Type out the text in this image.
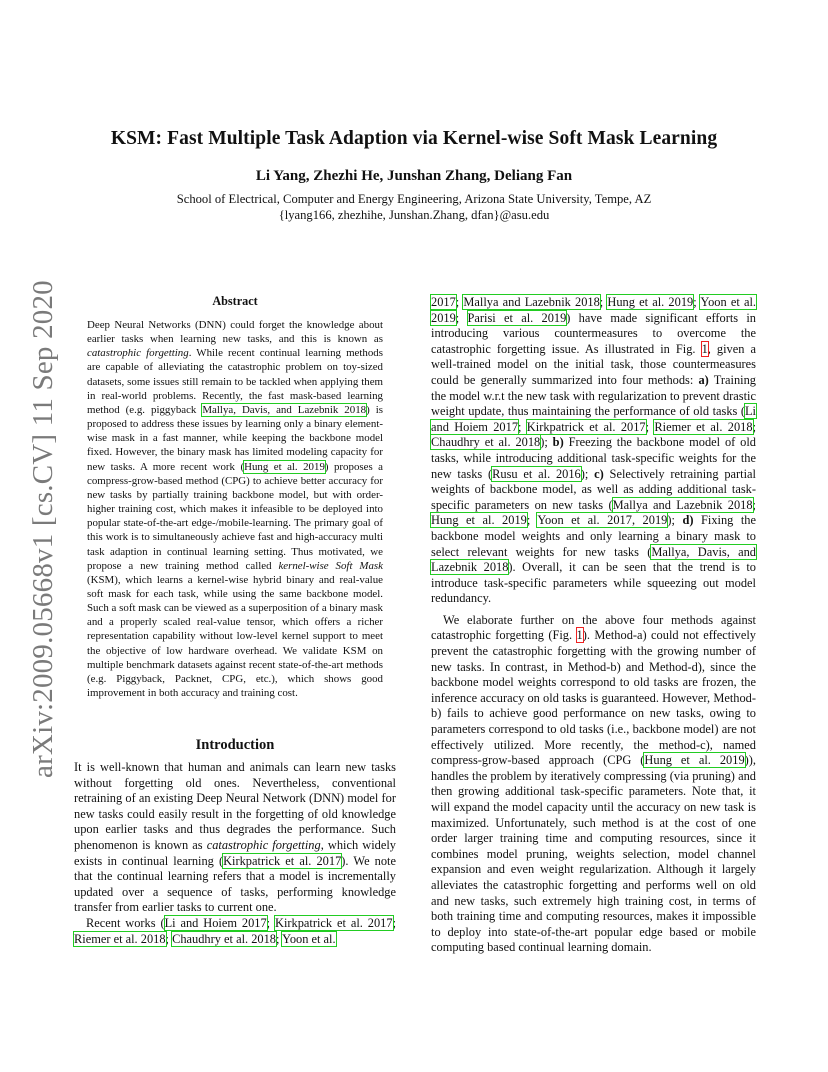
KSM: Fast Multiple Task Adaption via Kernel-wise Soft Mask Learning
Li Yang, Zhezhi He, Junshan Zhang, Deliang Fan
School of Electrical, Computer and Energy Engineering, Arizona State University, Tempe, AZ
{lyang166, zhezhihe, Junshan.Zhang, dfan}@asu.edu
arXiv:2009.05668v1 [cs.CV] 11 Sep 2020	Abstract
Deep Neural Networks (DNN) could forget the knowledge about earlier tasks when learning new tasks, and this is known as catastrophic forgetting. While recent continual learning methods are capable of alleviating the catastrophic problem on toy-sized datasets, some issues still remain to be tackled when applying them in real-world problems. Recently, the fast mask-based learning method (e.g. piggyback Mallya, Davis, and Lazebnik 2018) is proposed to address these issues by learning only a binary element-wise mask in a fast manner, while keeping the backbone model fixed. However, the binary mask has limited modeling capacity for new tasks. A more recent work (Hung et al. 2019) proposes a compress-grow-based method (CPG) to achieve better accuracy for new tasks by partially training backbone model, but with order-higher training cost, which makes it infeasible to be deployed into popular state-of-the-art edge-/mobile-learning. The primary goal of this work is to simultaneously achieve fast and high-accuracy multi task adaption in continual learning setting. Thus motivated, we propose a new training method called kernel-wise Soft Mask (KSM), which learns a kernel-wise hybrid binary and real-value soft mask for each task, while using the same backbone model. Such a soft mask can be viewed as a superposition of a binary mask and a properly scaled real-value tensor, which offers a richer representation capability without low-level kernel support to meet the objective of low hardware overhead. We validate KSM on multiple benchmark datasets against recent state-of-the-art methods (e.g. Piggyback, Packnet, CPG, etc.), which shows good improvement in both accuracy and training cost.
Introduction

It is well-known that human and animals can learn new tasks without forgetting old ones. Nevertheless, conventional retraining of an existing Deep Neural Network (DNN) model for new tasks could easily result in the forgetting of old knowledge upon earlier tasks and thus degrades the performance. Such phenomenon is known as catastrophic forgetting, which widely exists in continual learning (Kirkpatrick et al. 2017). We note that the continual learning refers that a model is incrementally updated over a sequence of tasks, performing knowledge transfer from earlier tasks to current one.

Recent works (Li and Hoiem 2017; Kirkpatrick et al. 2017; Riemer et al. 2018; Chaudhry et al. 2018; Yoon et al.

2017; Mallya and Lazebnik 2018; Hung et al. 2019; Yoon et al. 2019; Parisi et al. 2019) have made significant efforts in introducing various countermeasures to overcome the catastrophic forgetting issue. As illustrated in Fig. 1, given a well-trained model on the initial task, those countermeasures could be generally summarized into four methods: a) Training the model w.r.t the new task with regularization to prevent drastic weight update, thus maintaining the performance of old tasks (Li and Hoiem 2017; Kirkpatrick et al. 2017; Riemer et al. 2018; Chaudhry et al. 2018); b) Freezing the backbone model of old tasks, while introducing additional task-specific weights for the new tasks (Rusu et al. 2016); c) Selectively retraining partial weights of backbone model, as well as adding additional task-specific parameters on new tasks (Mallya and Lazebnik 2018; Hung et al. 2019; Yoon et al. 2017, 2019); d) Fixing the backbone model weights and only learning a binary mask to select relevant weights for new tasks (Mallya, Davis, and Lazebnik 2018). Overall, it can be seen that the trend is to introduce task-specific parameters while squeezing out model redundancy.

We elaborate further on the above four methods against catastrophic forgetting (Fig. 1). Method-a) could not effectively prevent the catastrophic forgetting with the growing number of new tasks. In contrast, in Method-b) and Method-d), since the backbone model weights correspond to old tasks are frozen, the inference accuracy on old tasks is guaranteed. However, Method-b) fails to achieve good performance on new tasks, owing to parameters correspond to old tasks (i.e., backbone model) are not effectively utilized. More recently, the method-c), named compress-grow-based approach (CPG (Hung et al. 2019)), handles the problem by iteratively compressing (via pruning) and then growing additional task-specific parameters. Note that, it will expand the model capacity until the accuracy on new task is maximized. Unfortunately, such method is at the cost of one order larger training time and computing resources, since it combines model pruning, weights selection, model channel expansion and even weight regularization. Although it largely alleviates the catastrophic forgetting and performs well on old and new tasks, such extremely high training cost, in terms of both training time and computing resources, makes it impossible to deploy into state-of-the-art popular edge based or mobile computing based continual learning domain.
